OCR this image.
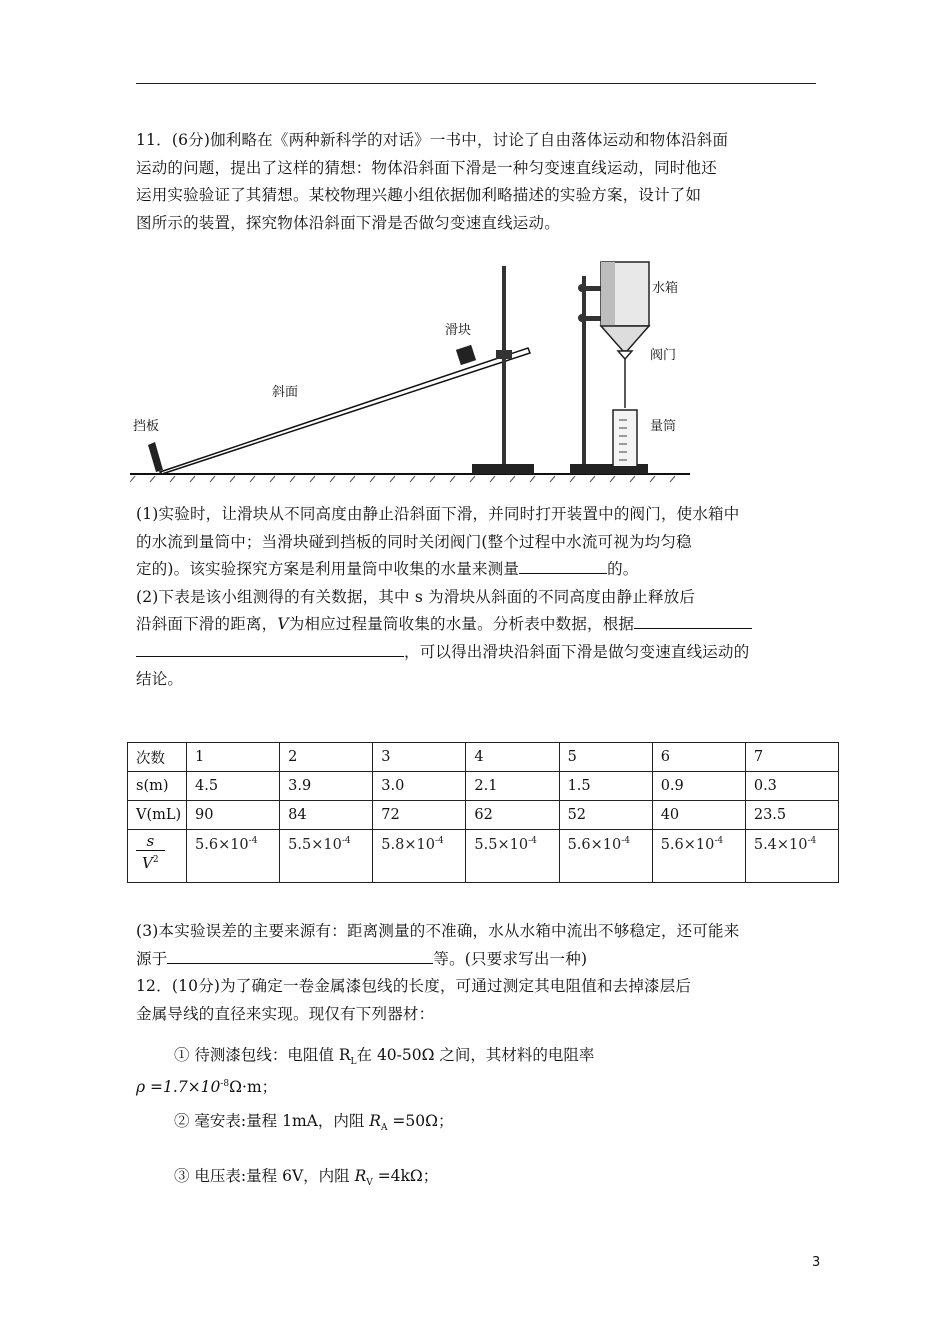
11．(6分)伽利略在《两种新科学的对话》一书中，讨论了自由落体运动和物体沿斜面

运动的问题，提出了这样的猜想：物体沿斜面下滑是一种匀变速直线运动，同时他还

运用实验验证了其猜想。某校物理兴趣小组依据伽利略描述的实验方案，设计了如

图所示的装置，探究物体沿斜面下滑是否做匀变速直线运动。

水箱
滑块
阀门
斜面
挡板	量筒

(1)实验时，让滑块从不同高度由静止沿斜面下滑，并同时打开装置中的阀门，使水箱中

的水流到量筒中；当滑块碰到挡板的同时关闭阀门(整个过程中水流可视为均匀稳

定的)。该实验探究方案是利用量筒中收集的水量来测量	的。

(2)下表是该小组测得的有关数据，其中 s 为滑块从斜面的不同高度由静止释放后

沿斜面下滑的距离，V为相应过程量筒收集的水量。分析表中数据，根据

，可以得出滑块沿斜面下滑是做匀变速直线运动的

结论。

次数	1	2	3	4	5	6	7
s(m)	4.5	3.9	3.0	2.1	1.5	0.9	0.3
V(mL)	90	84	72	62	52	40	23.5

$\frac{s}{V^2}$	$5.6\times 10^{-4}$	$5.5\times 10^{-4}$	$5.8\times 10^{-4}$	$5.5\times 10^{-4}$	$5.6\times 10^{-4}$	$5.6\times 10^{-4}$	$5.4\times 10^{-4}$

(3)本实验误差的主要来源有：距离测量的不准确，水从水箱中流出不够稳定，还可能来

源于	等。(只要求写出一种)

12．(10分)为了确定一卷金属漆包线的长度，可通过测定其电阻值和去掉漆层后

金属导线的直径来实现。现仅有下列器材：

① 待测漆包线：电阻值 $R_L$在 40-50Ω 之间，其材料的电阻率
$\rho =1.7\times 10^{-8}\Omega\cdot m$；
② 毫安表:量程 1mA，内阻 $R_A =50\Omega$；
③ 电压表:量程 6V，内阻 $R_V =4k\Omega$；
3
